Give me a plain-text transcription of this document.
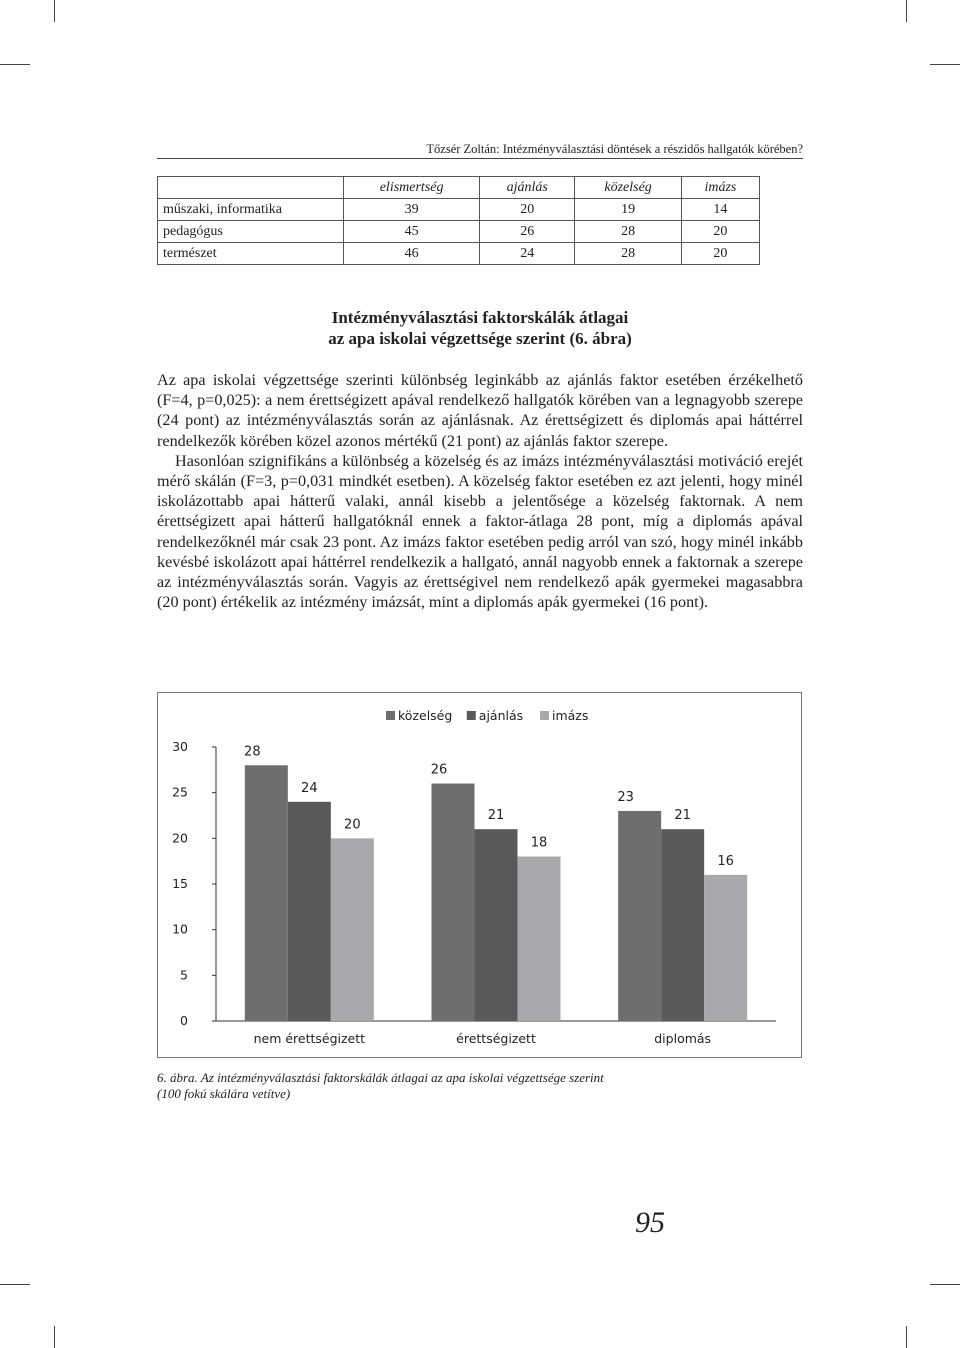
Tőzsér Zoltán: Intézményválasztási döntések a részidős hallgatók körében?
	elismertség	ajánlás	közelség	imázs
műszaki, informatika	39	20	19	14
pedagógus	45	26	28	20
természet	46	24	28	20
Intézményválasztási faktorskálák átlagai
az apa iskolai végzettsége szerint (6. ábra)

Az apa iskolai végzettsége szerinti különbség leginkább az ajánlás faktor esetében érzékelhető (F=4, p=0,025): a nem érettségizett apával rendelkező hallgatók körében van a legnagyobb szerepe (24 pont) az intézményválasztás során az ajánlásnak. Az érettségizett és diplomás apai háttérrel rendelkezők körében közel azonos mértékű (21 pont) az ajánlás faktor szerepe.

Hasonlóan szignifikáns a különbség a közelség és az imázs intézményválasztási motiváció erejét mérő skálán (F=3, p=0,031 mindkét esetben). A közelség faktor esetében ez azt jelenti, hogy minél iskolázottabb apai hátterű valaki, annál kisebb a jelentősége a közelség faktornak. A nem érettségizett apai hátterű hallgatóknál ennek a faktor-átlaga 28 pont, míg a diplomás apával rendelkezőknél már csak 23 pont. Az imázs faktor esetében pedig arról van szó, hogy minél inkább kevésbé iskolázott apai háttérrel rendelkezik a hallgató, annál nagyobb ennek a faktornak a szerepe az intézményválasztás során. Vagyis az érettségivel nem rendelkező apák gyermekei magasabbra (20 pont) értékelik az intézmény imázsát, mint a diplomás apák gyermekei (16 pont).

0
5
10
15
20
25
30	28
24
20
nem érettségizett
26
21
18
érettségizett
23
21
16
diplomás
közelség ajánlás imázs
6. ábra. Az intézményválasztási faktorskálák átlagai az apa iskolai végzettsége szerint
(100 fokú skálára vetítve)
95
